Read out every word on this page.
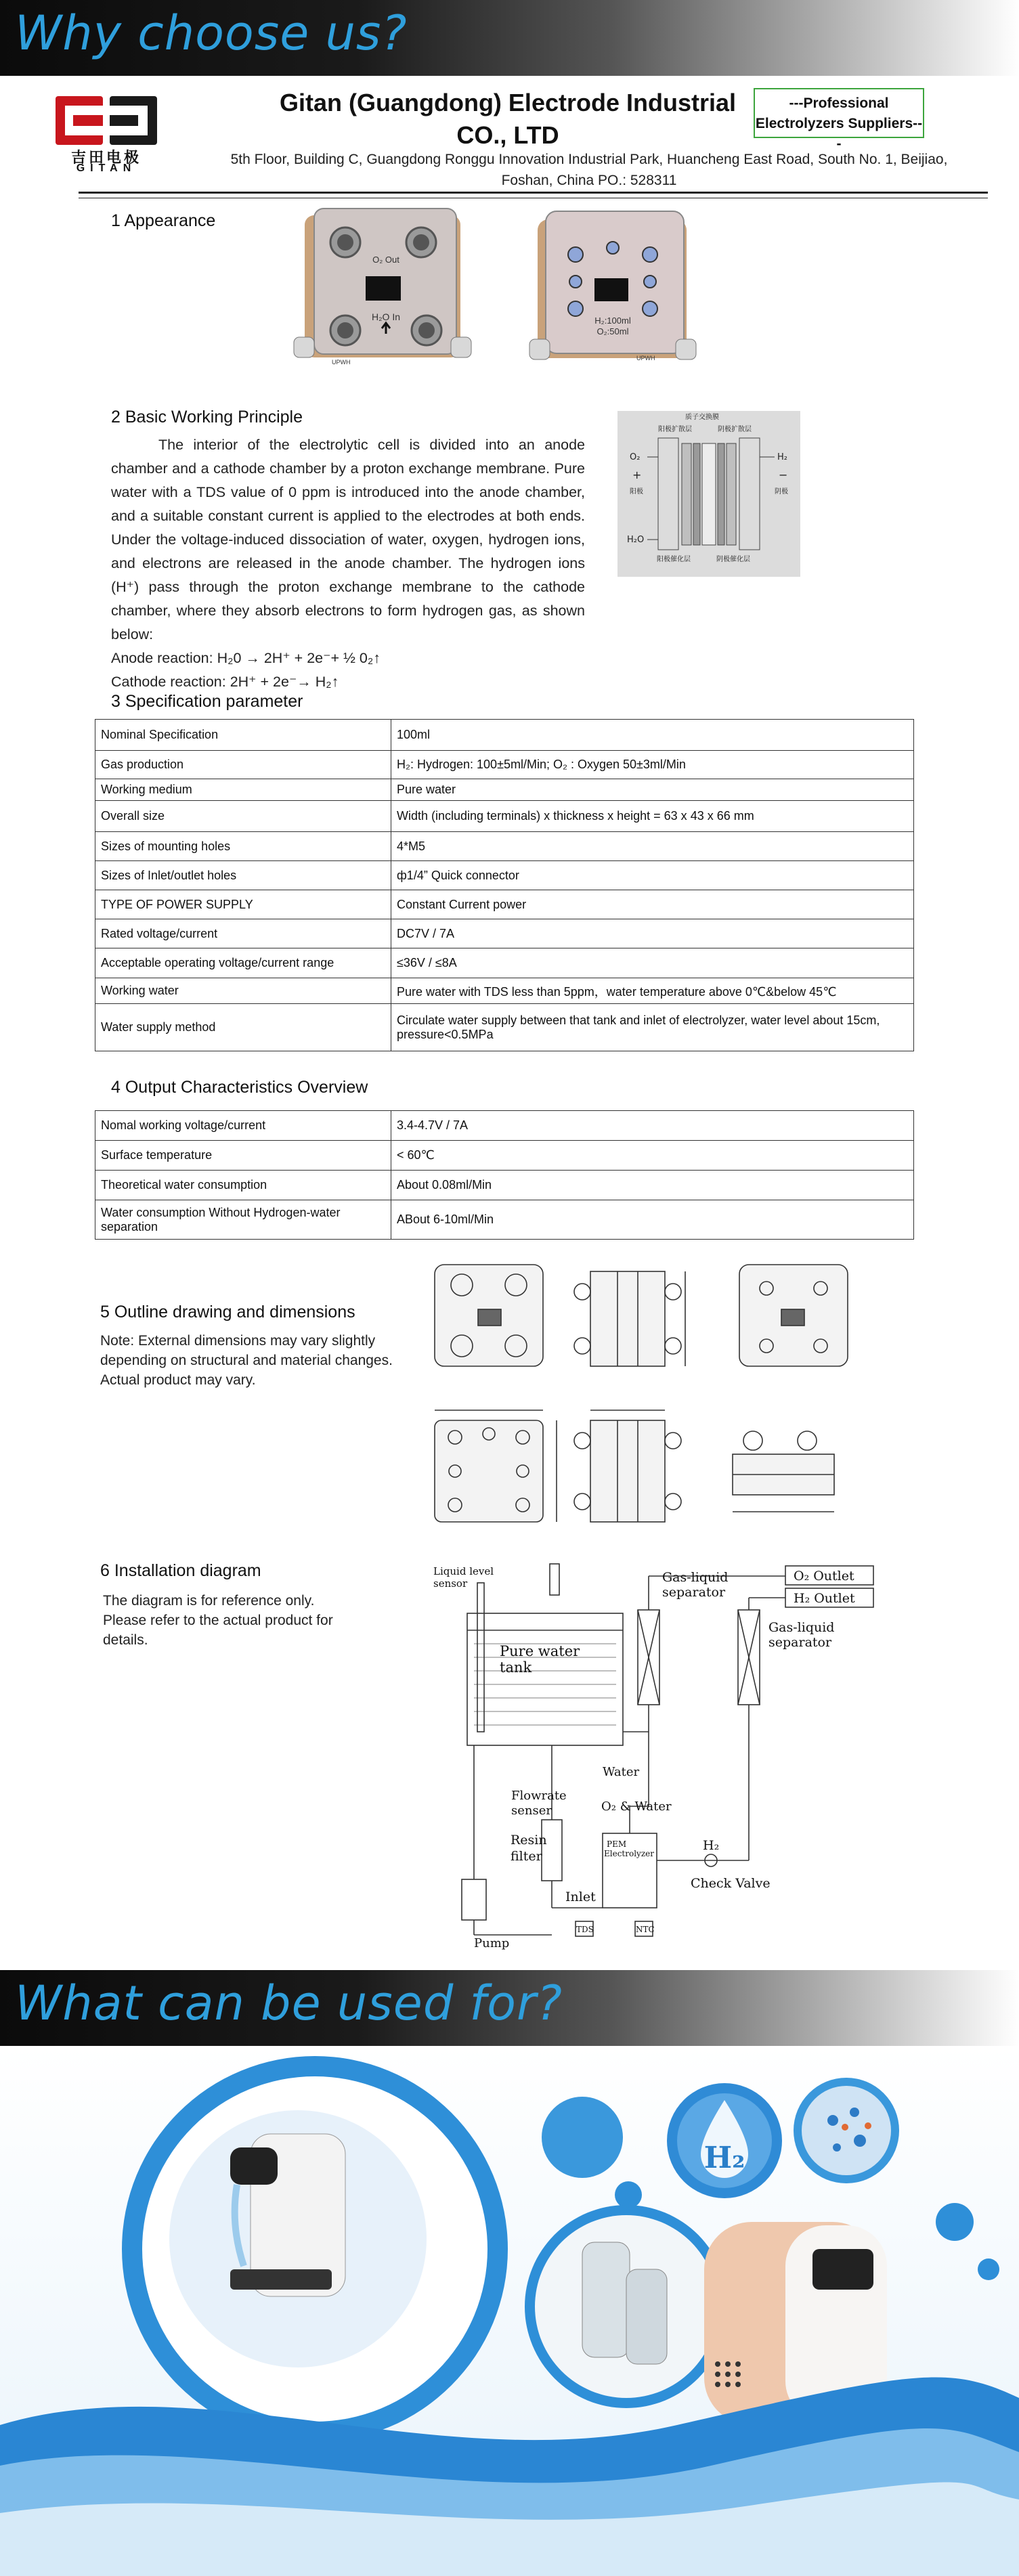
Why choose us?
吉田电极
GITAN
Gitan (Guangdong) Electrode Industrial
CO., LTD
---Professional
Electrolyzers Suppliers---
5th Floor, Building C, Guangdong Ronggu Innovation Industrial Park, Huancheng East Road, South No. 1, Beijiao,
Foshan, China PO.: 528311
1 Appearance
O₂ Out
H₂O In
UPWH
H₂:100ml
O₂:50ml
UPWH
2 Basic Working Principle

The interior of the electrolytic cell is divided into an anode chamber and a cathode chamber by a proton exchange membrane. Pure water with a TDS value of 0 ppm is introduced into the anode chamber, and a suitable constant current is applied to the electrodes at both ends. Under the voltage-induced dissociation of water, oxygen, hydrogen ions, and electrons are released in the anode chamber. The hydrogen ions (H⁺) pass through the proton exchange membrane to the cathode chamber, where they absorb electrons to form hydrogen gas, as shown below:

Anode reaction: H₂0 → 2H⁺ + 2e⁻+ ½ 0₂↑

Cathode reaction: 2H⁺ + 2e⁻→ H₂↑

质子交换膜
阳极扩散层	阴极扩散层
O₂	H₂
H₂O
+	−
阳极	阴极
阳极催化层	阴极催化层
3 Specification parameter
Nominal Specification	100ml
Gas production	H₂: Hydrogen: 100±5ml/Min; O₂ : Oxygen 50±3ml/Min
Working medium	Pure water
Overall size	Width (including terminals) x thickness x height = 63 x 43 x 66 mm
Sizes of mounting holes	4*M5
Sizes of Inlet/outlet holes	ф1/4” Quick connector
TYPE OF POWER SUPPLY	Constant Current power
Rated voltage/current	DC7V / 7A
Acceptable operating voltage/current range	≤36V / ≤8A
Working water	Pure water with TDS less than 5ppm，water temperature above 0℃&below 45℃
Water supply method	Circulate water supply between that tank and inlet of electrolyzer, water level about 15cm, pressure<0.5MPa
4 Output Characteristics Overview
Nomal working voltage/current	3.4-4.7V / 7A
Surface temperature	< 60℃
Theoretical water consumption	About 0.08ml/Min
Water consumption Without Hydrogen-water separation	ABout 6-10ml/Min
5 Outline drawing and dimensions
Note: External dimensions may vary slightly
depending on structural and material changes.
Actual product may vary.
6 Installation diagram
The diagram is for reference only.
Please refer to the actual product for
details.
Liquid level
sensor	Gas-liquid
separator
O₂ Outlet
H₂ Outlet
Gas-liquid
separator
Pure water
tank
Water
Flowrate
senser	O₂ & Water
Resin
filter
PEM
Electrolyzer
H₂
Check Valve
Inlet
Pump
TDS	NTC
What can be used for?
H₂
